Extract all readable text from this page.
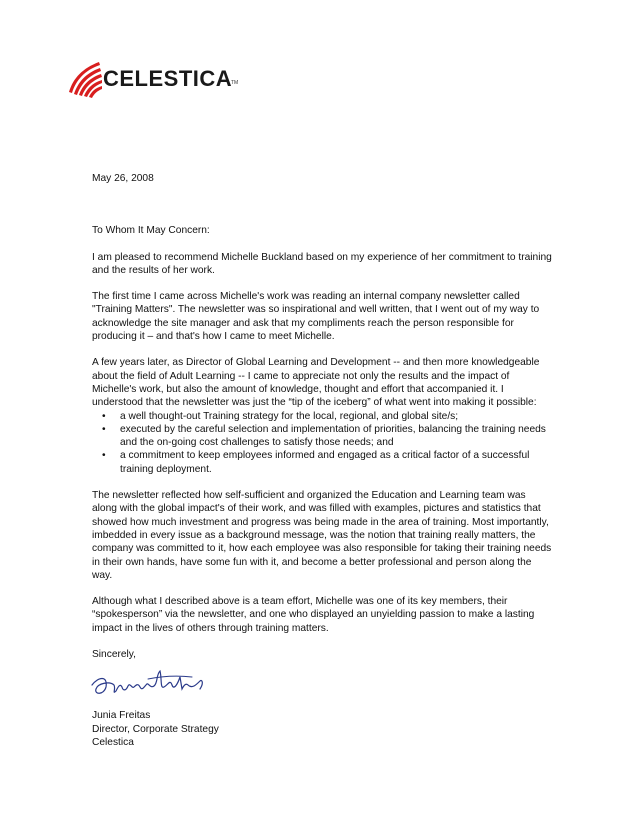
CELESTICA
TM

May 26, 2008

To Whom It May Concern:

I am pleased to recommend Michelle Buckland based on my experience of her commitment to training and the results of her work.

The first time I came across Michelle's work was reading an internal company newsletter called "Training Matters". The newsletter was so inspirational and well written, that I went out of my way to acknowledge the site manager and ask that my compliments reach the person responsible for producing it – and that's how I came to meet Michelle.

A few years later, as Director of Global Learning and Development -- and then more knowledgeable about the field of Adult Learning -- I came to appreciate not only the results and the impact of Michelle's work, but also the amount of knowledge, thought and effort that accompanied it. I understood that the newsletter was just the “tip of the iceberg” of what went into making it possible:

• a well thought-out Training strategy for the local, regional, and global site/s;
• executed by the careful selection and implementation of priorities, balancing the training needs and the on-going cost challenges to satisfy those needs; and
• a commitment to keep employees informed and engaged as a critical factor of a successful training deployment.

The newsletter reflected how self-sufficient and organized the Education and Learning team was along with the global impact's of their work, and was filled with examples, pictures and statistics that showed how much investment and progress was being made in the area of training. Most importantly, imbedded in every issue as a background message, was the notion that training really matters, the company was committed to it, how each employee was also responsible for taking their training needs in their own hands, have some fun with it, and become a better professional and person along the way.

Although what I described above is a team effort, Michelle was one of its key members, their “spokesperson” via the newsletter, and one who displayed an unyielding passion to make a lasting impact in the lives of others through training matters.

Sincerely,

Junia Freitas
Director, Corporate Strategy
Celestica
